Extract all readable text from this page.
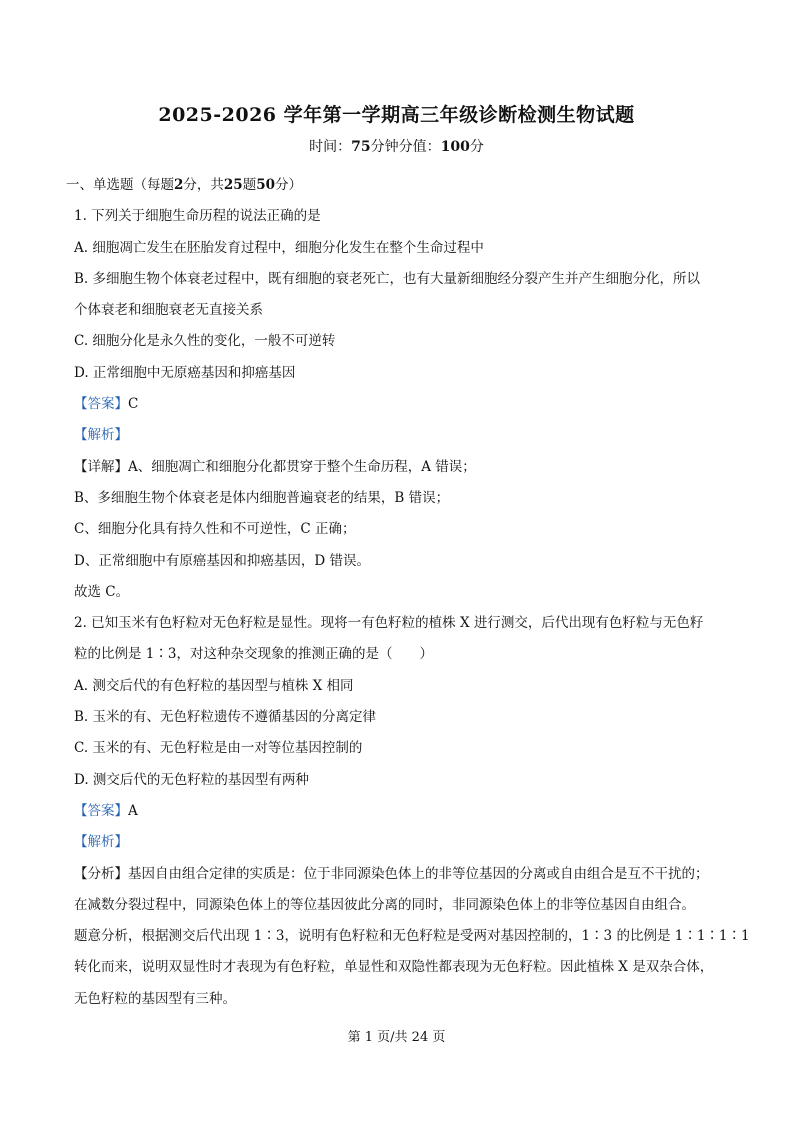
2025-2026 学年第一学期高三年级诊断检测生物试题
时间：75分钟分值：100分
一、单选题（每题2分，共25题50分）
1. 下列关于细胞生命历程的说法正确的是
A. 细胞凋亡发生在胚胎发育过程中，细胞分化发生在整个生命过程中
B. 多细胞生物个体衰老过程中，既有细胞的衰老死亡，也有大量新细胞经分裂产生并产生细胞分化，所以
个体衰老和细胞衰老无直接关系
C. 细胞分化是永久性的变化，一般不可逆转
D. 正常细胞中无原癌基因和抑癌基因
【答案】C
【解析】
【详解】A、细胞凋亡和细胞分化都贯穿于整个生命历程，A 错误；
B、多细胞生物个体衰老是体内细胞普遍衰老的结果，B 错误；
C、细胞分化具有持久性和不可逆性，C 正确；
D、正常细胞中有原癌基因和抑癌基因，D 错误。
故选 C。
2. 已知玉米有色籽粒对无色籽粒是显性。现将一有色籽粒的植株 X 进行测交，后代出现有色籽粒与无色籽
粒的比例是 1∶3，对这种杂交现象的推测正确的是（　　）
A. 测交后代的有色籽粒的基因型与植株 X 相同
B. 玉米的有、无色籽粒遗传不遵循基因的分离定律
C. 玉米的有、无色籽粒是由一对等位基因控制的
D. 测交后代的无色籽粒的基因型有两种
【答案】A
【解析】
【分析】基因自由组合定律的实质是：位于非同源染色体上的非等位基因的分离或自由组合是互不干扰的；
在减数分裂过程中，同源染色体上的等位基因彼此分离的同时，非同源染色体上的非等位基因自由组合。
题意分析，根据测交后代出现 1∶3，说明有色籽粒和无色籽粒是受两对基因控制的，1∶3 的比例是 1∶1∶1∶1
转化而来，说明双显性时才表现为有色籽粒，单显性和双隐性都表现为无色籽粒。因此植株 X 是双杂合体，
无色籽粒的基因型有三种。
第 1 页/共 24 页
